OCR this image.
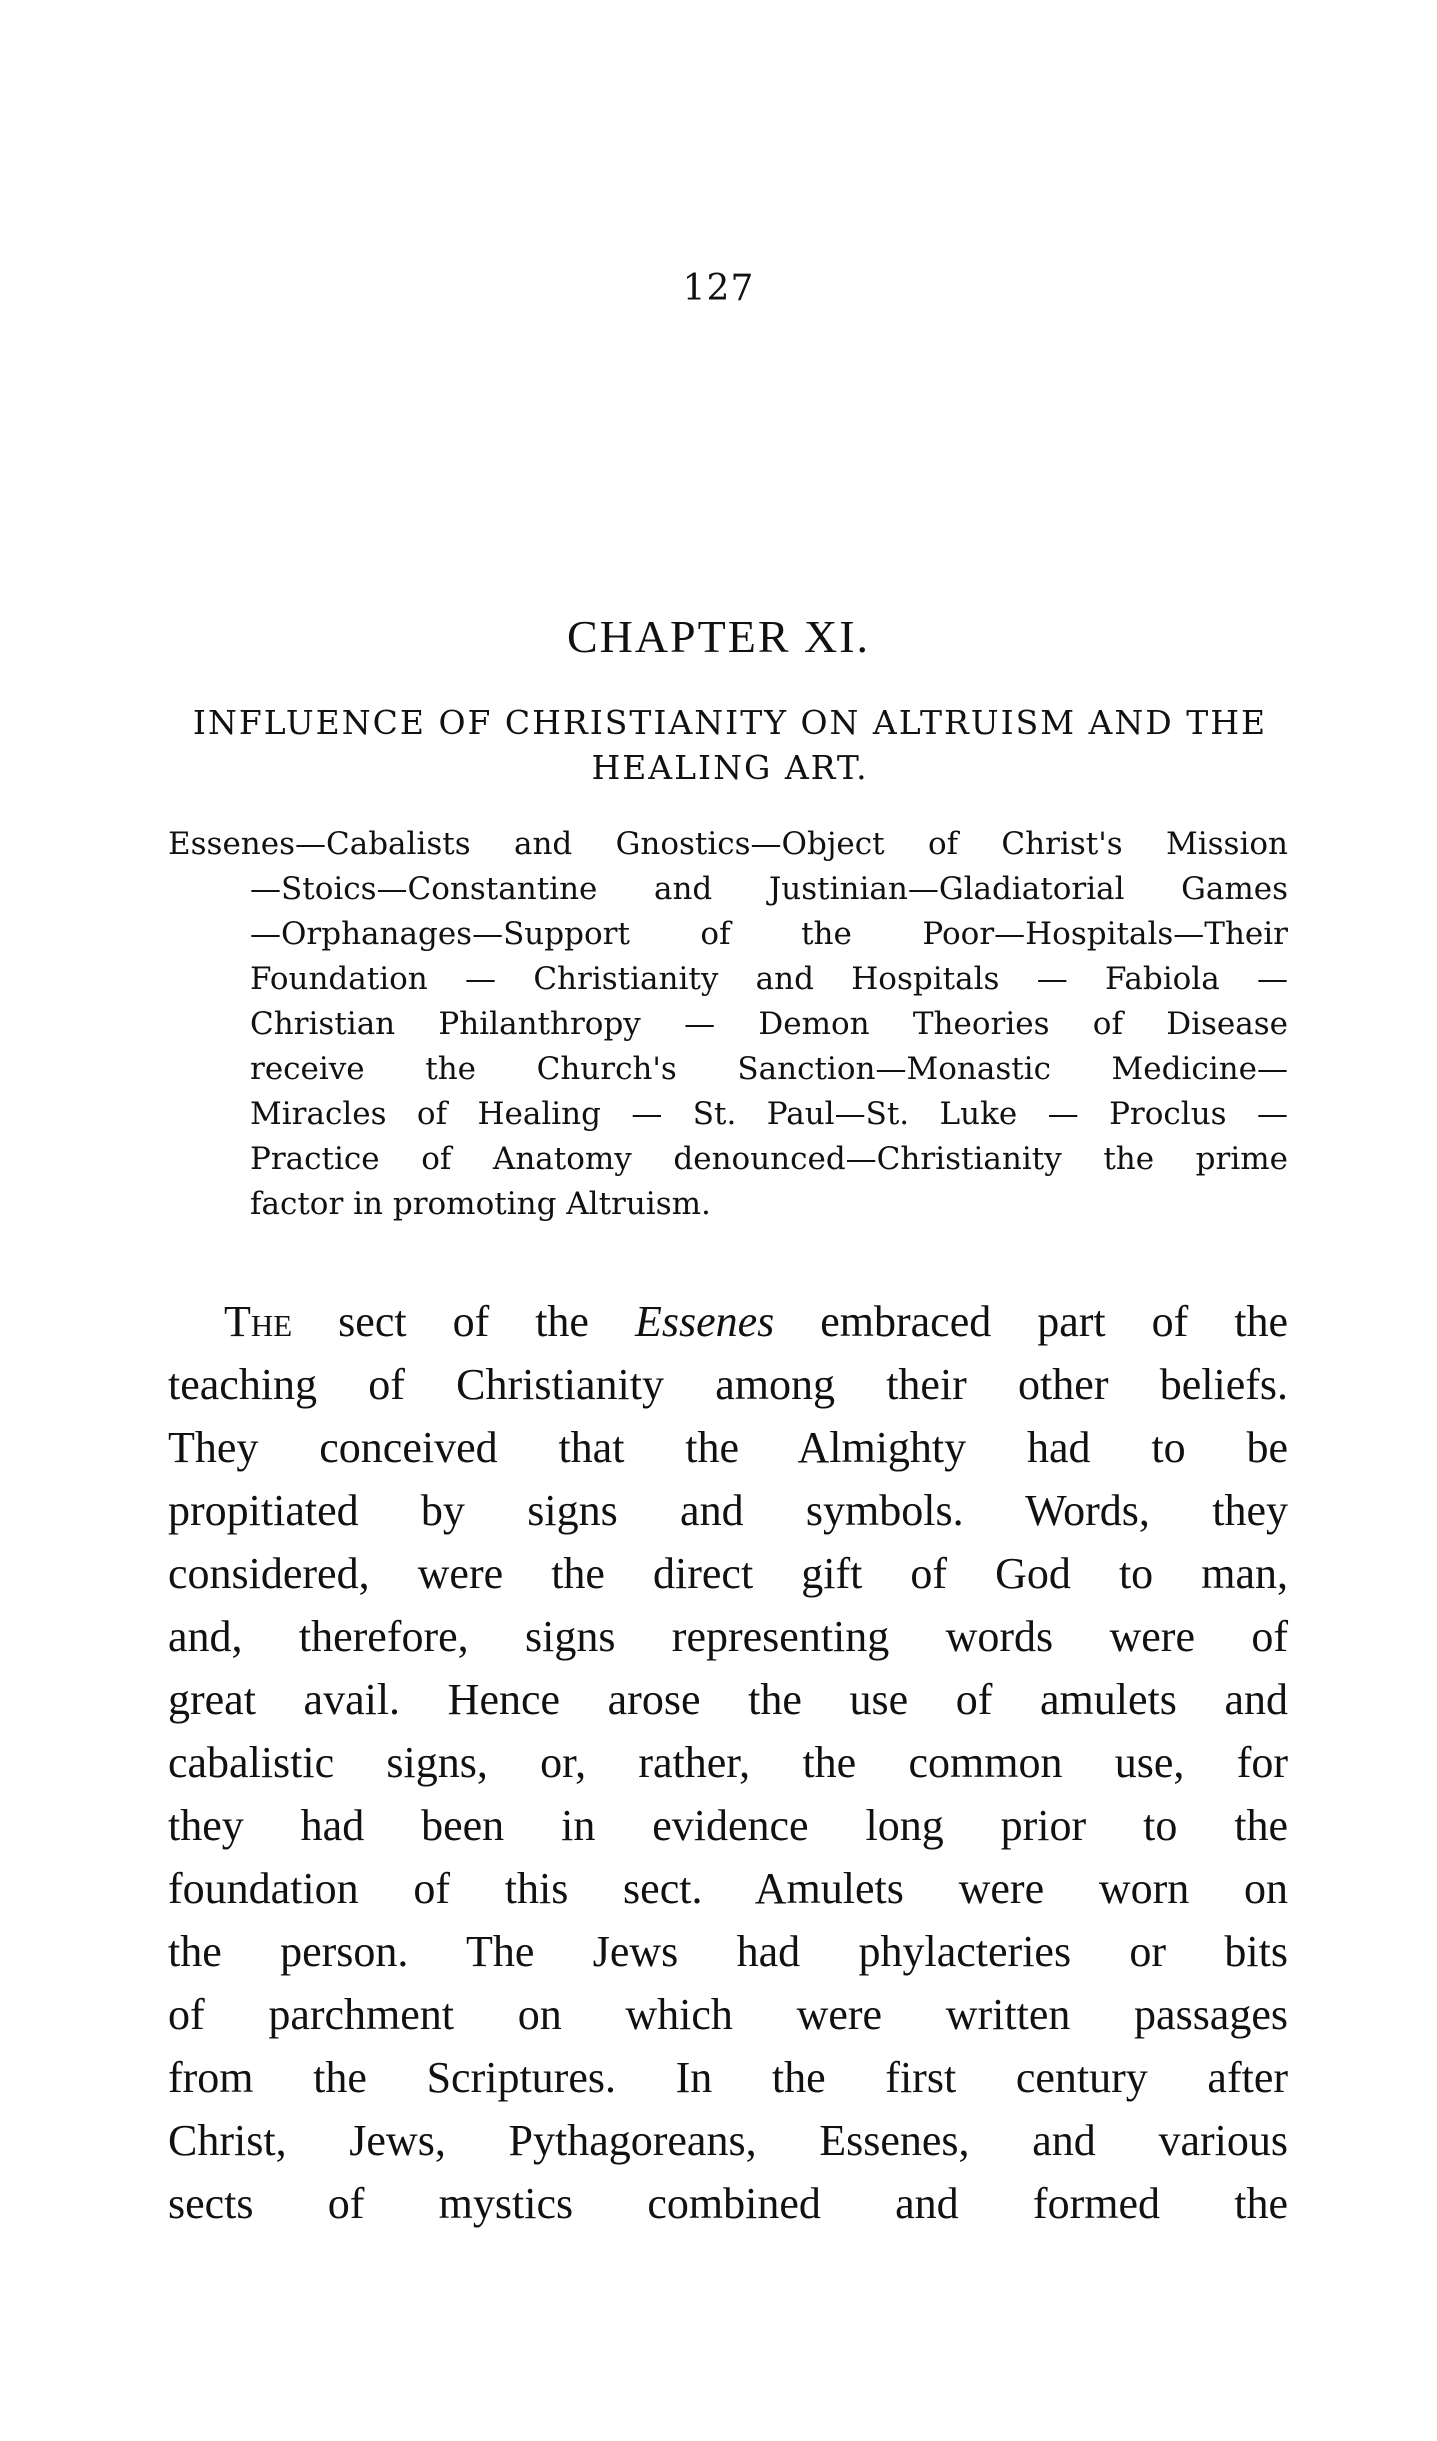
127
CHAPTER XI.
INFLUENCE OF CHRISTIANITY ON ALTRUISM AND THE HEALING ART.
Essenes—Cabalists and Gnostics—Object of Christ's Mission
—Stoics—Constantine and Justinian—Gladiatorial Games
—Orphanages—Support of the Poor—Hospitals—Their
Foundation — Christianity and Hospitals — Fabiola —
Christian Philanthropy — Demon Theories of Disease
receive the Church's Sanction—Monastic Medicine—
Miracles of Healing — St. Paul—St. Luke — Proclus —
Practice of Anatomy denounced—Christianity the prime
factor in promoting Altruism.
The sect of the Essenes embraced part of the
teaching of Christianity among their other beliefs.
They conceived that the Almighty had to be
propitiated by signs and symbols. Words, they
considered, were the direct gift of God to man,
and, therefore, signs representing words were of
great avail. Hence arose the use of amulets and
cabalistic signs, or, rather, the common use, for
they had been in evidence long prior to the
foundation of this sect. Amulets were worn on
the person. The Jews had phylacteries or bits
of parchment on which were written passages
from the Scriptures. In the first century after
Christ, Jews, Pythagoreans, Essenes, and various
sects of mystics combined and formed the
